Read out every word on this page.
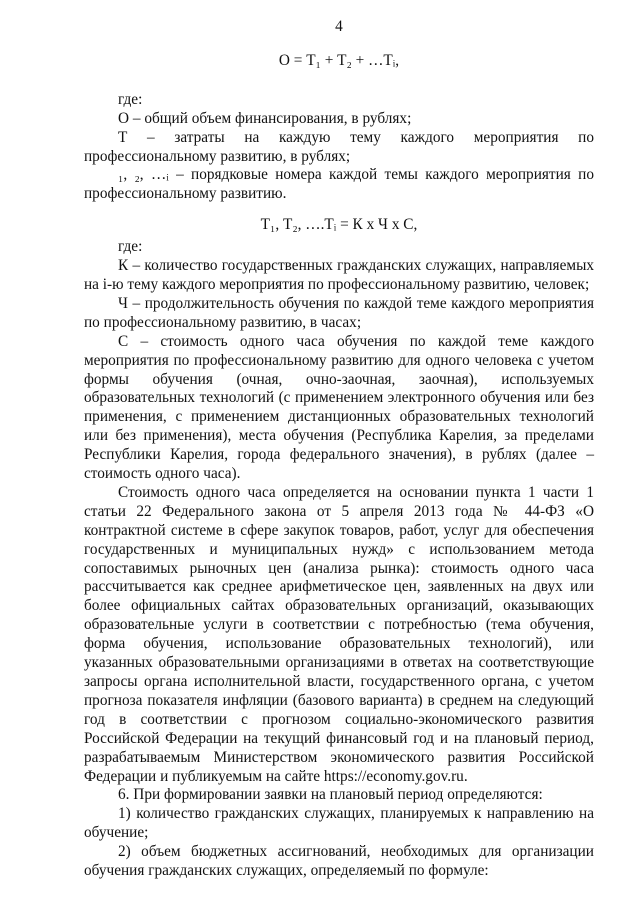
4
О = Т₁ + Т₂ + …Тᵢ,
где:
О – общий объем финансирования, в рублях;
Т – затраты на каждую тему каждого мероприятия по профессиональному развитию, в рублях;
₁, ₂, …ᵢ – порядковые номера каждой темы каждого мероприятия по профессиональному развитию.
Т₁, Т₂, ….Тᵢ = К х Ч х С,
где:
К – количество государственных гражданских служащих, направляемых на i-ю тему каждого мероприятия по профессиональному развитию, человек;
Ч – продолжительность обучения по каждой теме каждого мероприятия по профессиональному развитию, в часах;
С – стоимость одного часа обучения по каждой теме каждого мероприятия по профессиональному развитию для одного человека с учетом формы обучения (очная, очно-заочная, заочная), используемых образовательных технологий (с применением электронного обучения или без применения, с применением дистанционных образовательных технологий или без применения), места обучения (Республика Карелия, за пределами Республики Карелия, города федерального значения), в рублях (далее – стоимость одного часа).
Стоимость одного часа определяется на основании пункта 1 части 1 статьи 22 Федерального закона от 5 апреля 2013 года № 44-ФЗ «О контрактной системе в сфере закупок товаров, работ, услуг для обеспечения государственных и муниципальных нужд» с использованием метода сопоставимых рыночных цен (анализа рынка): стоимость одного часа рассчитывается как среднее арифметическое цен, заявленных на двух или более официальных сайтах образовательных организаций, оказывающих образовательные услуги в соответствии с потребностью (тема обучения, форма обучения, использование образовательных технологий), или указанных образовательными организациями в ответах на соответствующие запросы органа исполнительной власти, государственного органа, с учетом прогноза показателя инфляции (базового варианта) в среднем на следующий год в соответствии с прогнозом социально-экономического развития Российской Федерации на текущий финансовый год и на плановый период, разрабатываемым Министерством экономического развития Российской Федерации и публикуемым на сайте https://economy.gov.ru.
6. При формировании заявки на плановый период определяются:
1) количество гражданских служащих, планируемых к направлению на обучение;
2) объем бюджетных ассигнований, необходимых для организации обучения гражданских служащих, определяемый по формуле:
